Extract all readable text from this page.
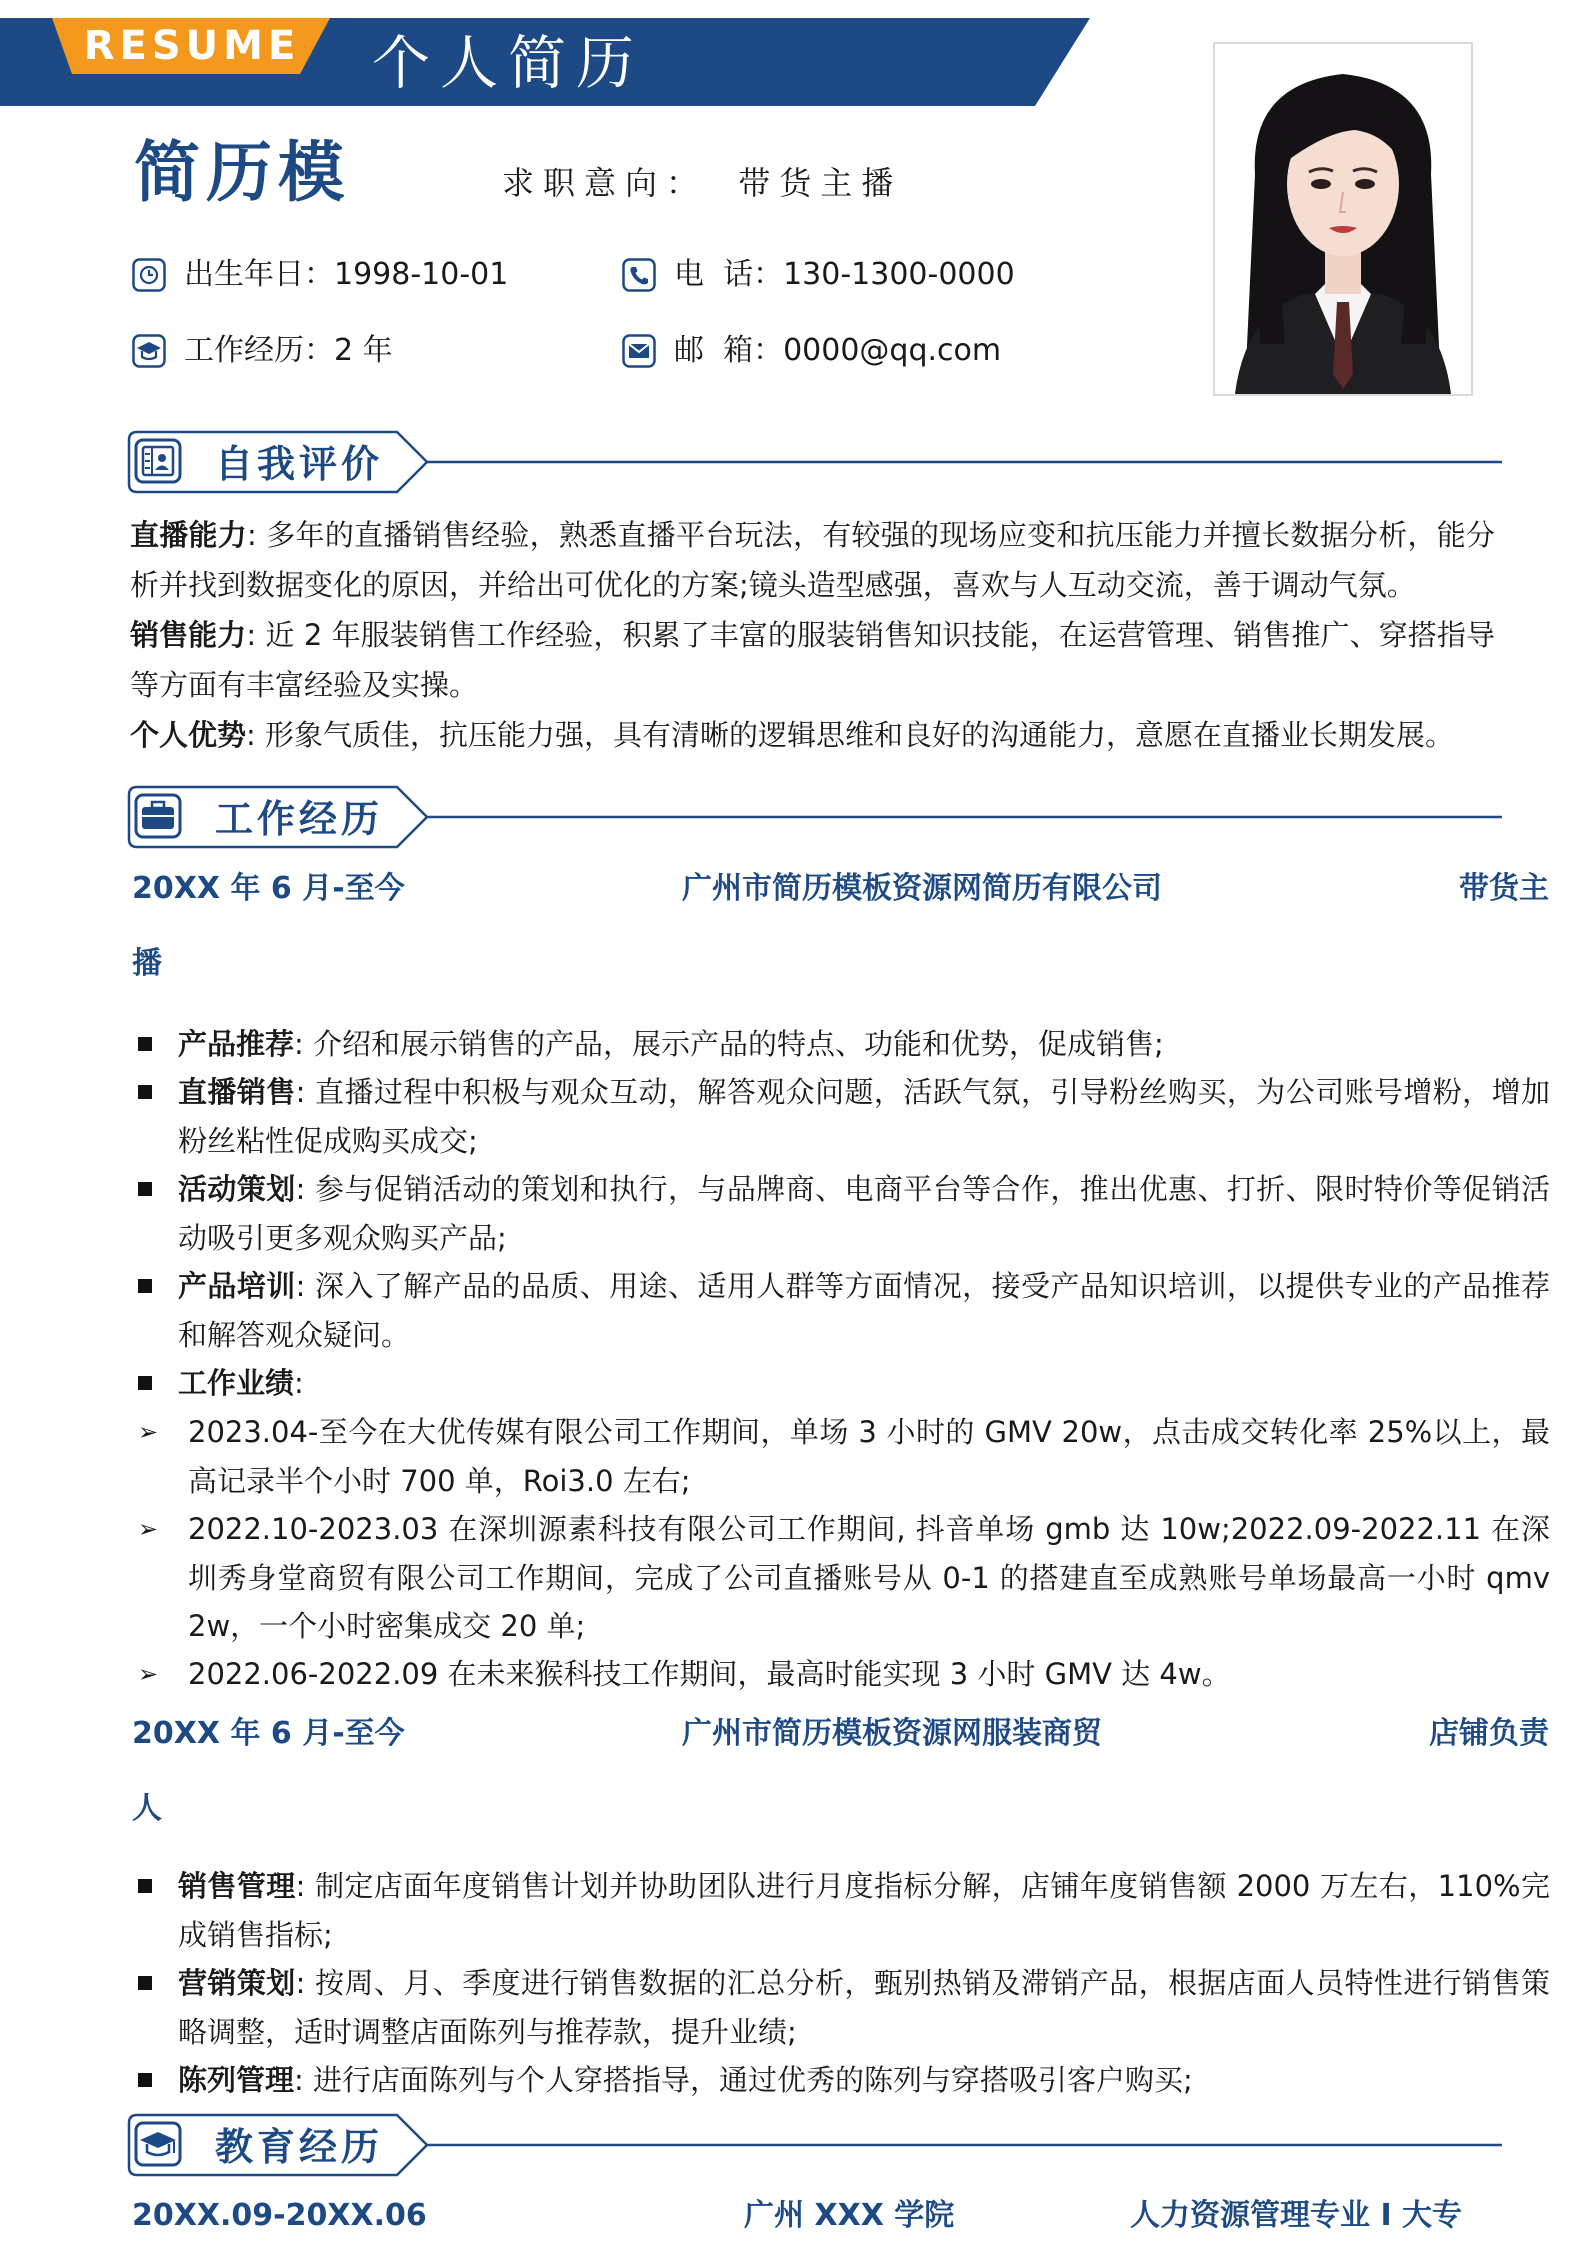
RESUME 个人简历
简历模	求职意向： 带货主播
出生年日： 1998-10-01	电  话： 130-1300-0000
工作经历： 2 年	邮  箱： 0000@qq.com
自我评价

直播能力: 多年的直播销售经验，熟悉直播平台玩法，有较强的现场应变和抗压能力并擅长数据分析，能分析并找到数据变化的原因，并给出可优化的方案;镜头造型感强，喜欢与人互动交流，善于调动气氛。

销售能力: 近 2 年服装销售工作经验，积累了丰富的服装销售知识技能，在运营管理、销售推广、穿搭指导等方面有丰富经验及实操。

个人优势: 形象气质佳，抗压能力强，具有清晰的逻辑思维和良好的沟通能力，意愿在直播业长期发展。

工作经历
20XX 年 6 月-至今	广州市简历模板资源网简历有限公司	带货主
播

产品推荐: 介绍和展示销售的产品，展示产品的特点、功能和优势，促成销售;

直播销售: 直播过程中积极与观众互动，解答观众问题，活跃气氛，引导粉丝购买，为公司账号增粉，增加粉丝粘性促成购买成交;

活动策划: 参与促销活动的策划和执行，与品牌商、电商平台等合作，推出优惠、打折、限时特价等促销活动吸引更多观众购买产品;

产品培训: 深入了解产品的品质、用途、适用人群等方面情况，接受产品知识培训，以提供专业的产品推荐和解答观众疑问。

工作业绩:

➢	2023.04-至今在大优传媒有限公司工作期间，单场 3 小时的 GMV 20w，点击成交转化率 25%以上，最高记录半个小时 700 单，Roi3.0 左右;

➢	2022.10-2023.03 在深圳源素科技有限公司工作期间, 抖音单场 gmb 达 10w;2022.09-2022.11 在深圳秀身堂商贸有限公司工作期间，完成了公司直播账号从 0-1 的搭建直至成熟账号单场最高一小时 qmv 2w，一个小时密集成交 20 单;

➢	2022.06-2022.09 在未来猴科技工作期间，最高时能实现 3 小时 GMV 达 4w。

20XX 年 6 月-至今	广州市简历模板资源网服装商贸	店铺负责
人

销售管理: 制定店面年度销售计划并协助团队进行月度指标分解，店铺年度销售额 2000 万左右，110%完成销售指标;

营销策划: 按周、月、季度进行销售数据的汇总分析，甄别热销及滞销产品，根据店面人员特性进行销售策略调整，适时调整店面陈列与推荐款，提升业绩;

陈列管理: 进行店面陈列与个人穿搭指导，通过优秀的陈列与穿搭吸引客户购买;

教育经历
20XX.09-20XX.06	广州 XXX 学院	人力资源管理专业 I 大专
